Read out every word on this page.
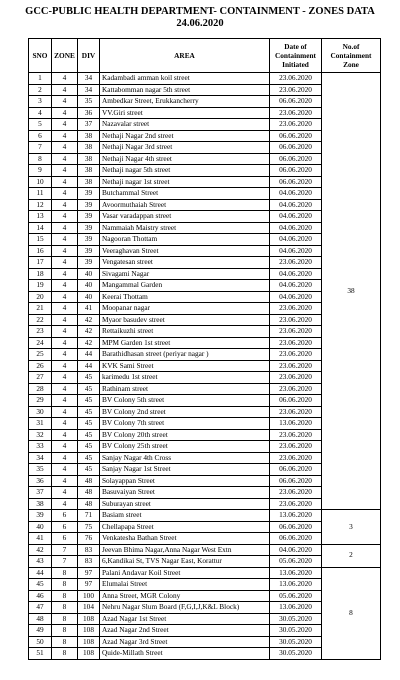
GCC-PUBLIC HEALTH DEPARTMENT- CONTAINMENT - ZONES DATA
24.06.2020
SNO	ZONE	DIV	AREA	Date of Containment Initiated	No.of Containment Zone
1	4	34	Kadambadi amman koil street	23.06.2020	38
2	4	34	Kattabomman nagar 5th street	23.06.2020	
3	4	35	Ambedkar Street, Erukkancherry	06.06.2020	
4	4	36	VV.Giri street	23.06.2020	
5	4	37	Nazavalar street	23.06.2020	
6	4	38	Nethaji Nagar 2nd street	06.06.2020	
7	4	38	Nethaji Nagar 3rd street	06.06.2020	
8	4	38	Nethaji Nagar 4th street	06.06.2020	
9	4	38	Nethaji nagar 5th street	06.06.2020	
10	4	38	Nethaji nagar 1st street	06.06.2020	
11	4	39	Butchammal Street	04.06.2020	
12	4	39	Avoormuthaiah Street	04.06.2020	
13	4	39	Vasar varadappan street	04.06.2020	
14	4	39	Nammaiah Maistry street	04.06.2020	
15	4	39	Nagooran Thottam	04.06.2020	
16	4	39	Veeraghavan Street	04.06.2020	
17	4	39	Vengatesan street	23.06.2020	
18	4	40	Sivagami Nagar	04.06.2020	
19	4	40	Mangammal Garden	04.06.2020	
20	4	40	Keerai Thottam	04.06.2020	
21	4	41	Moopanar nagar	23.06.2020	
22	4	42	Myaor basudev street	23.06.2020	
23	4	42	Rettaikuzhi street	23.06.2020	
24	4	42	MPM Garden 1st street	23.06.2020	
25	4	44	Barathidhasan street (periyar nagar )	23.06.2020	
26	4	44	KVK Sami Street	23.06.2020	
27	4	45	karimedu 1st street	23.06.2020	
28	4	45	Rathinam street	23.06.2020	
29	4	45	BV Colony 5th street	06.06.2020	
30	4	45	BV Colony 2nd street	23.06.2020	
31	4	45	BV Colony 7th street	13.06.2020	
32	4	45	BV Colony 20th street	23.06.2020	
33	4	45	BV Colony 25th street	23.06.2020	
34	4	45	Sanjay Nagar 4th Cross	23.06.2020	
35	4	45	Sanjay Nagar 1st Street	06.06.2020	
36	4	48	Solayappan Street	06.06.2020	
37	4	48	Basuvaiyan Street	23.06.2020	
38	4	48	Suburayan street	23.06.2020	
39	6	71	Basiam street	13.06.2020	3
40	6	75	Chellapapa Street	06.06.2020	
41	6	76	Venkatesha Bathan Street	06.06.2020	
42	7	83	Jeevan Bhima Nagar,Anna Nagar West Extn	04.06.2020	2
43	7	83	6,Kandikai St, TVS Nagar East, Korattur	05.06.2020	
44	8	97	Palani Andavar Koil Street	13.06.2020	8
45	8	97	Elumalai Street	13.06.2020	
46	8	100	Anna Street, MGR Colony	05.06.2020	
47	8	104	Nehru Nagar Slum Board (F,G,I,J,K&L Block)	13.06.2020	
48	8	108	Azad Nagar 1st Street	30.05.2020	
49	8	108	Azad Nagar 2nd Street	30.05.2020	
50	8	108	Azad Nagar 3rd Street	30.05.2020	
51	8	108	Quide-Millath Street	30.05.2020	
